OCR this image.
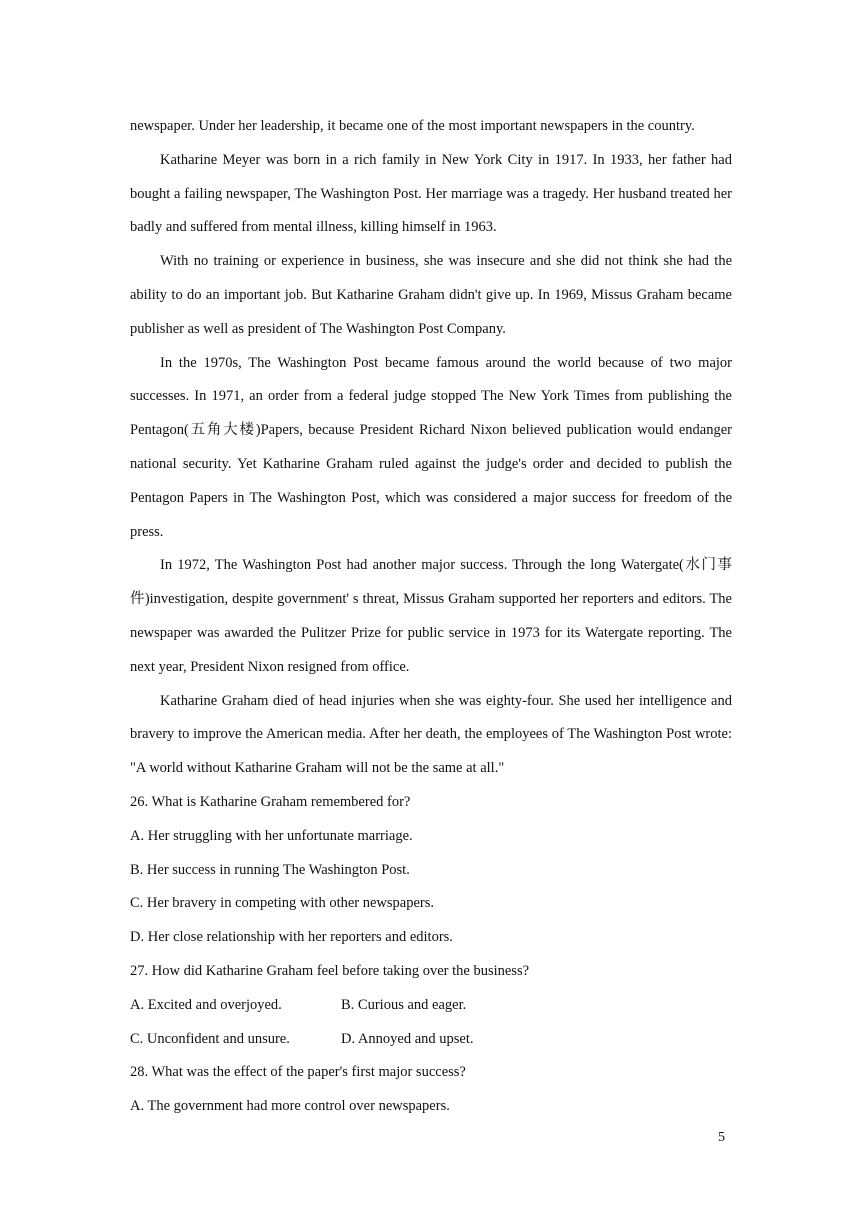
newspaper. Under her leadership, it became one of the most important newspapers in the country.

Katharine Meyer was born in a rich family in New York City in 1917. In 1933, her father had bought a failing newspaper, The Washington Post. Her marriage was a tragedy. Her husband treated her badly and suffered from mental illness, killing himself in 1963.

With no training or experience in business, she was insecure and she did not think she had the ability to do an important job. But Katharine Graham didn't give up. In 1969, Missus Graham became publisher as well as president of The Washington Post Company.

In the 1970s, The Washington Post became famous around the world because of two major successes. In 1971, an order from a federal judge stopped The New York Times from publishing the Pentagon(五角大楼)Papers, because President Richard Nixon believed publication would endanger national security. Yet Katharine Graham ruled against the judge's order and decided to publish the Pentagon Papers in The Washington Post, which was considered a major success for freedom of the press.

In 1972, The Washington Post had another major success. Through the long Watergate(水门事件)investigation, despite government' s threat, Missus Graham supported her reporters and editors. The newspaper was awarded the Pulitzer Prize for public service in 1973 for its Watergate reporting. The next year, President Nixon resigned from office.

Katharine Graham died of head injuries when she was eighty-four. She used her intelligence and bravery to improve the American media. After her death, the employees of The Washington Post wrote: "A world without Katharine Graham will not be the same at all."

26. What is Katharine Graham remembered for?

A. Her struggling with her unfortunate marriage.

B. Her success in running The Washington Post.

C. Her bravery in competing with other newspapers.

D. Her close relationship with her reporters and editors.

27. How did Katharine Graham feel before taking over the business?

A. Excited and overjoyed.	B. Curious and eager.
C. Unconfident and unsure.	D. Annoyed and upset.

28. What was the effect of the paper's first major success?

A. The government had more control over newspapers.

5
